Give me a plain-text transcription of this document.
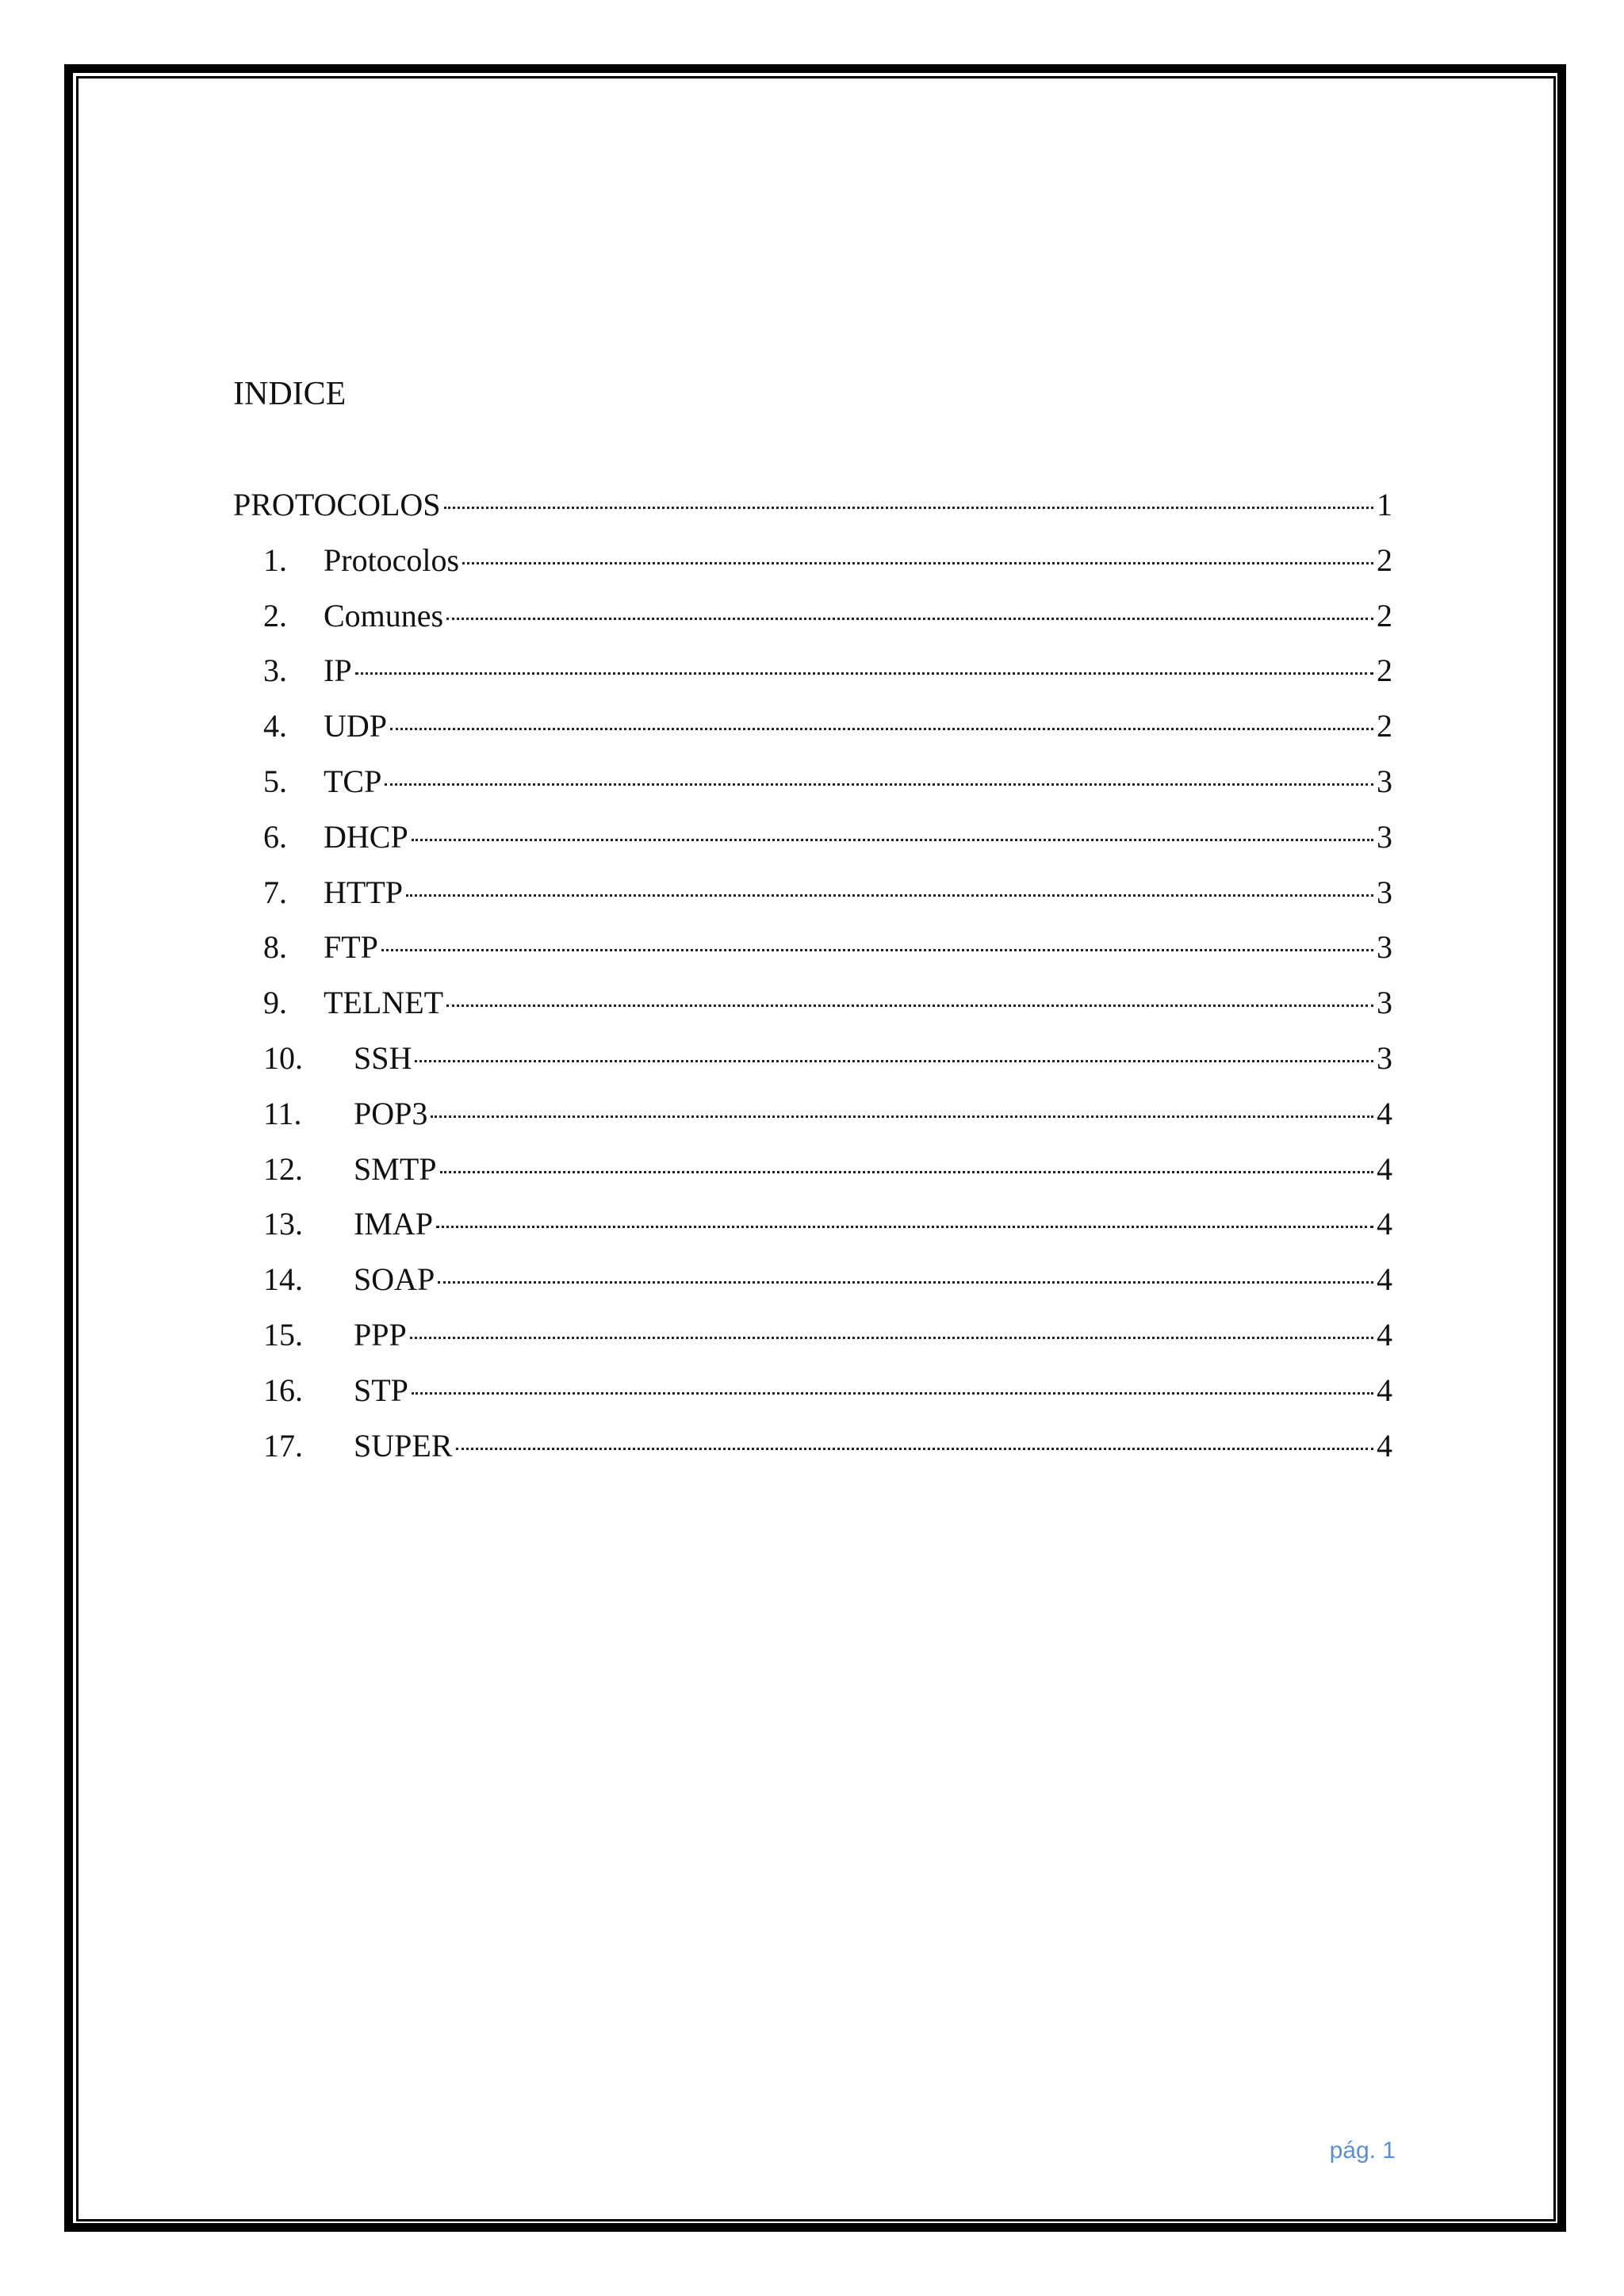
INDICE
PROTOCOLOS	1
1.	Protocolos	2
2.	Comunes	2
3.	IP	2
4.	UDP	2
5.	TCP	3
6.	DHCP	3
7.	HTTP	3
8.	FTP	3
9.	TELNET	3
10.	SSH	3
11.	POP3	4
12.	SMTP	4
13.	IMAP	4
14.	SOAP	4
15.	PPP	4
16.	STP	4
17.	SUPER	4
pág. 1
